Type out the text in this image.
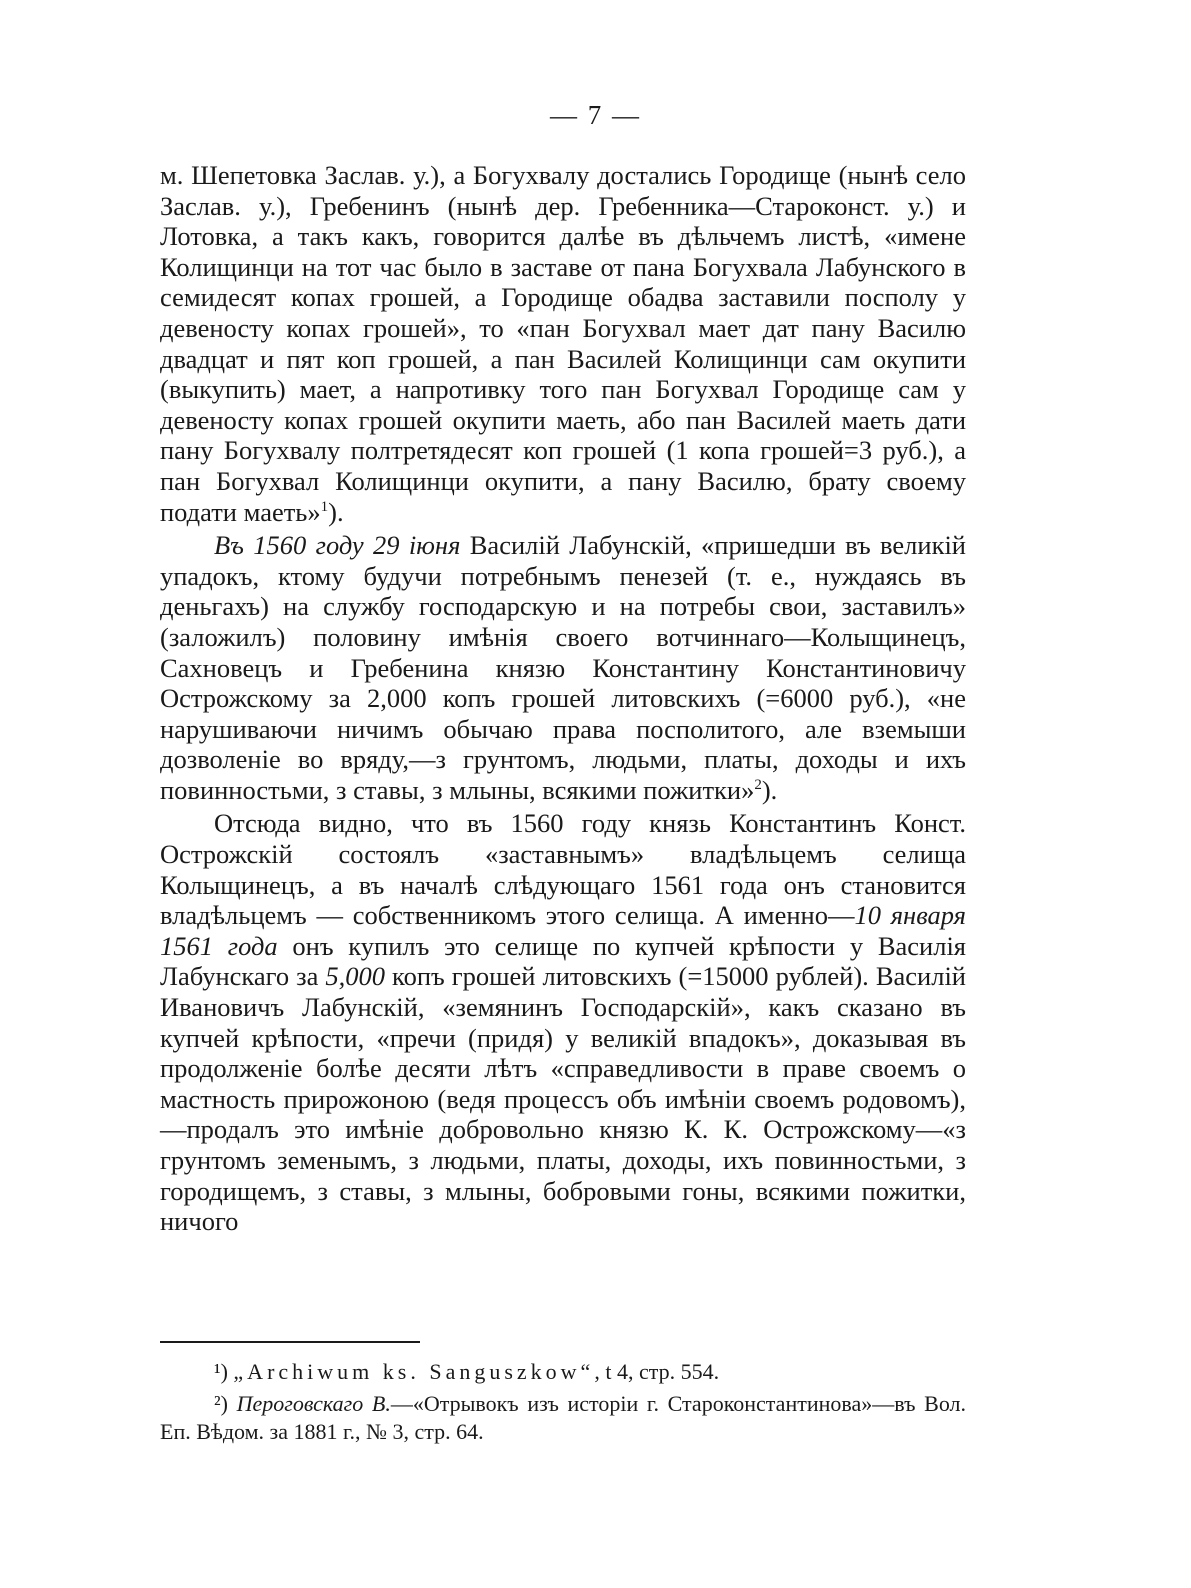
— 7 —

м. Шепетовка Заслав. у.), а Богухвалу достались Городище (нынѣ село Заслав. у.), Гребенинъ (нынѣ дер. Гребенника—Староконст. у.) и Лотовка, а такъ какъ, говорится далѣе въ дѣльчемъ листѣ, «имене Колищинци на тот час было в заставе от пана Богухвала Лабунского в семидесят копах грошей, а Городище обадва заставили посполу у девеносту копах грошей», то «пан Богухвал мает дат пану Василю двадцат и пят коп грошей, а пан Василей Колищинци сам окупити (выкупить) мает, а напротивку того пан Богухвал Городище сам у девеносту копах грошей окупити маеть, або пан Василей маеть дати пану Богухвалу полтретядесят коп грошей (1 копа грошей=3 руб.), а пан Богухвал Колищинци окупити, а пану Василю, брату своему подати маеть»$^1$).

Въ 1560 году 29 іюня Василій Лабунскій, «пришедши въ великій упадокъ, ктому будучи потребнымъ пенезей (т. е., нуждаясь въ деньгахъ) на службу господарскую и на потребы свои, заставилъ» (заложилъ) половину имѣнія своего вотчиннаго—Колыщинецъ, Сахновецъ и Гребенина князю Константину Константиновичу Острожскому за 2,000 копъ грошей литовскихъ (=6000 руб.), «не нарушиваючи ничимъ обычаю права посполитого, але вземыши дозволеніе во вряду,—з грунтомъ, людьми, платы, доходы и ихъ повинностьми, з ставы, з млыны, всякими пожитки»$^2$).

Отсюда видно, что въ 1560 году князь Константинъ Конст. Острожскій состоялъ «заставнымъ» владѣльцемъ селища Колыщинецъ, а въ началѣ слѣдующаго 1561 года онъ становится владѣльцемъ — собственникомъ этого селища. А именно—10 января 1561 года онъ купилъ это селище по купчей крѣпости у Василія Лабунскаго за 5,000 копъ грошей литовскихъ (=15000 рублей). Василій Ивановичъ Лабунскій, «земянинъ Господарскій», какъ сказано въ купчей крѣпости, «пречи (придя) у великій впадокъ», доказывая въ продолженіе болѣе десяти лѣтъ «справедливости в праве своемъ о мастность прирожоною (ведя процессъ объ имѣніи своемъ родовомъ),—продалъ это имѣніе добровольно князю К. К. Острожскому—«з грунтомъ земенымъ, з людьми, платы, доходы, ихъ повинностьми, з городищемъ, з ставы, з млыны, бобровыми гоны, всякими пожитки, ничого

¹) „Archiwum ks. Sanguszkow“, t 4, стр. 554.

²) Пероговскаго В.—«Отрывокъ изъ исторіи г. Староконстантинова»—въ Вол. Еп. Вѣдом. за 1881 г., № 3, стр. 64.
